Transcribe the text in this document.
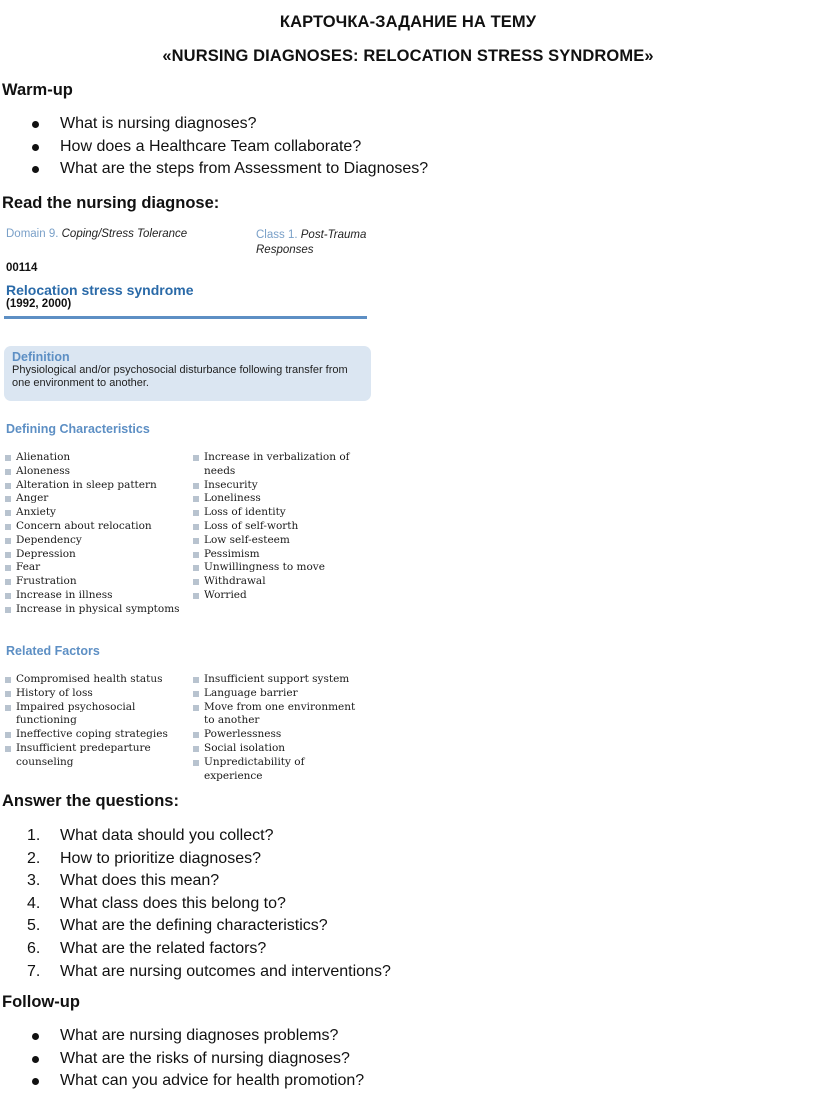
КАРТОЧКА-ЗАДАНИЕ НА ТЕМУ
«NURSING DIAGNOSES: RELOCATION STRESS SYNDROME»
Warm-up
What is nursing diagnoses?
How does a Healthcare Team collaborate?
What are the steps from Assessment to Diagnoses?
Read the nursing diagnose:
Domain 9. Coping/Stress Tolerance	Class 1. Post-Trauma Responses
00114
Relocation stress syndrome
(1992, 2000)
Definition
Physiological and/or psychosocial disturbance following transfer from one environment to another.
Defining Characteristics
Alienation
Aloneness
Alteration in sleep pattern
Anger
Anxiety
Concern about relocation
Dependency
Depression
Fear
Frustration
Increase in illness
Increase in physical symptoms
Increase in verbalization of needs
Insecurity
Loneliness
Loss of identity
Loss of self-worth
Low self-esteem
Pessimism
Unwillingness to move
Withdrawal
Worried
Related Factors
Compromised health status
History of loss
Impaired psychosocial functioning
Ineffective coping strategies
Insufficient predeparture counseling
Insufficient support system
Language barrier
Move from one environment to another
Powerlessness
Social isolation
Unpredictability of experience
Answer the questions:
1.	What data should you collect?
2.	How to prioritize diagnoses?
3.	What does this mean?
4.	What class does this belong to?
5.	What are the defining characteristics?
6.	What are the related factors?
7.	What are nursing outcomes and interventions?
Follow-up
What are nursing diagnoses problems?
What are the risks of nursing diagnoses?
What can you advice for health promotion?
